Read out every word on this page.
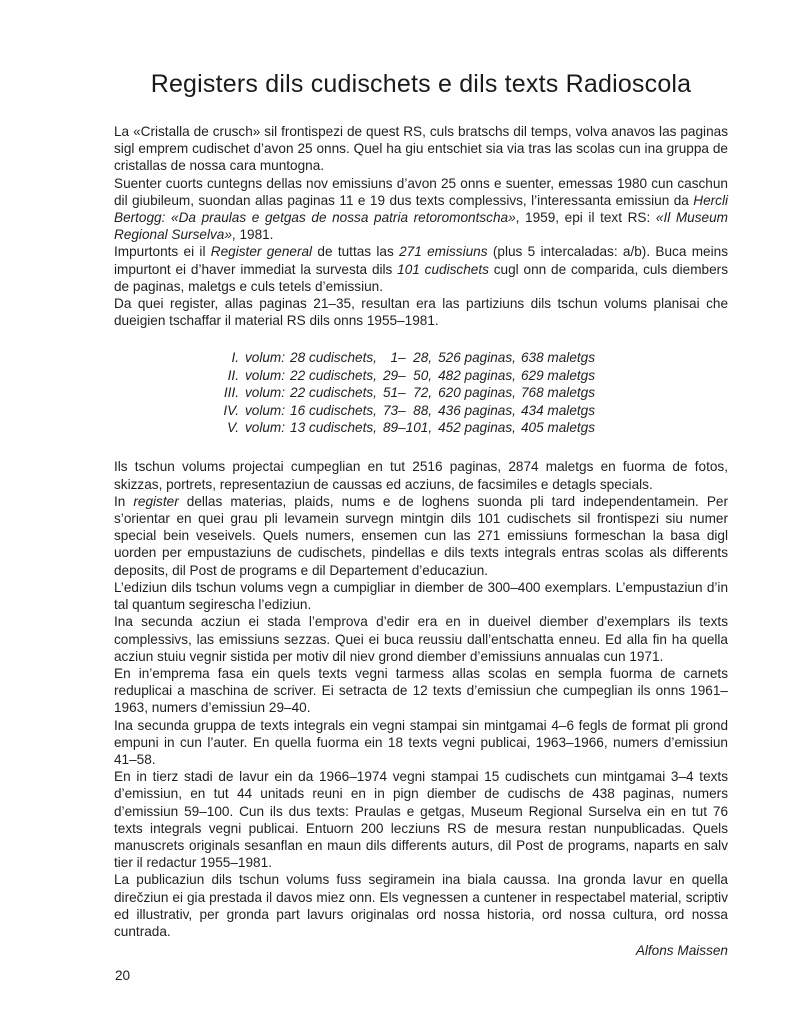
Registers dils cudischets e dils texts Radioscola

La «Cristalla de crusch» sil frontispezi de quest RS, culs bratschs dil temps, volva anavos las paginas sigl emprem cudischet d’avon 25 onns. Quel ha giu entschiet sia via tras las scolas cun ina gruppa de cristallas de nossa cara muntogna.

Suenter cuorts cuntegns dellas nov emissiuns d’avon 25 onns e suenter, emessas 1980 cun caschun dil giubileum, suondan allas paginas 11 e 19 dus texts complessivs, l’interessanta emissiun da Hercli Bertogg: «Da praulas e getgas de nossa patria retoromontscha», 1959, epi il text RS: «Il Museum Regional Surselva», 1981.

Impurtonts ei il Register general de tuttas las 271 emissiuns (plus 5 intercaladas: a/b). Buca meins impurtont ei d’haver immediat la survesta dils 101 cudischets cugl onn de comparida, culs diembers de paginas, maletgs e culs tetels d’emissiun.

Da quei register, allas paginas 21–35, resultan era las partiziuns dils tschun volums planisai che dueigien tschaffar il material RS dils onns 1955–1981.

I.	volum:	28 cudischets,	1–  28,	526 paginas,	638 maletgs
II.	volum:	22 cudischets,	29–  50,	482 paginas,	629 maletgs
III.	volum:	22 cudischets,	51–  72,	620 paginas,	768 maletgs
IV.	volum:	16 cudischets,	73–  88,	436 paginas,	434 maletgs
V.	volum:	13 cudischets,	89–101,	452 paginas,	405 maletgs

Ils tschun volums projectai cumpeglian en tut 2516 paginas, 2874 maletgs en fuorma de fotos, skizzas, portrets, representaziun de caussas ed acziuns, de facsimiles e detagls specials.

In register dellas materias, plaids, nums e de loghens suonda pli tard independentamein. Per s’orientar en quei grau pli levamein survegn mintgin dils 101 cudischets sil frontispezi siu numer special bein veseivels. Quels numers, ensemen cun las 271 emissiuns formeschan la basa digl uorden per empustaziuns de cudischets, pindellas e dils texts integrals entras scolas als differents deposits, dil Post de programs e dil Departement d’educaziun.

L’ediziun dils tschun volums vegn a cumpigliar in diember de 300–400 exemplars. L’empustaziun d’in tal quantum segirescha l’ediziun.

Ina secunda acziun ei stada l’emprova d’edir era en in dueivel diember d’exemplars ils texts complessivs, las emissiuns sezzas. Quei ei buca reussiu dall’entschatta enneu. Ed alla fin ha quella acziun stuiu vegnir sistida per motiv dil niev grond diember d’emissiuns annualas cun 1971.

En in’emprema fasa ein quels texts vegni tarmess allas scolas en sempla fuorma de carnets reduplicai a maschina de scriver. Ei setracta de 12 texts d’emissiun che cumpeglian ils onns 1961–1963, numers d’emissiun 29–40.

Ina secunda gruppa de texts integrals ein vegni stampai sin mintgamai 4–6 fegls de format pli grond empuni in cun l’auter. En quella fuorma ein 18 texts vegni publicai, 1963–1966, numers d’emissiun 41–58.

En in tierz stadi de lavur ein da 1966–1974 vegni stampai 15 cudischets cun mintgamai 3–4 texts d’emissiun, en tut 44 unitads reuni en in pign diember de cudischs de 438 paginas, numers d’emissiun 59–100. Cun ils dus texts: Praulas e getgas, Museum Regional Surselva ein en tut 76 texts integrals vegni publicai. Entuorn 200 lecziuns RS de mesura restan nunpublicadas. Quels manuscrets originals sesanflan en maun dils differents auturs, dil Post de programs, naparts en salv tier il redactur 1955–1981.

La publicaziun dils tschun volums fuss segiramein ina biala caussa. Ina gronda lavur en quella direčziun ei gia prestada il davos miez onn. Els vegnessen a cuntener in respectabel material, scriptiv ed illustrativ, per gronda part lavurs originalas ord nossa historia, ord nossa cultura, ord nossa cuntrada.

Alfons Maissen

20
